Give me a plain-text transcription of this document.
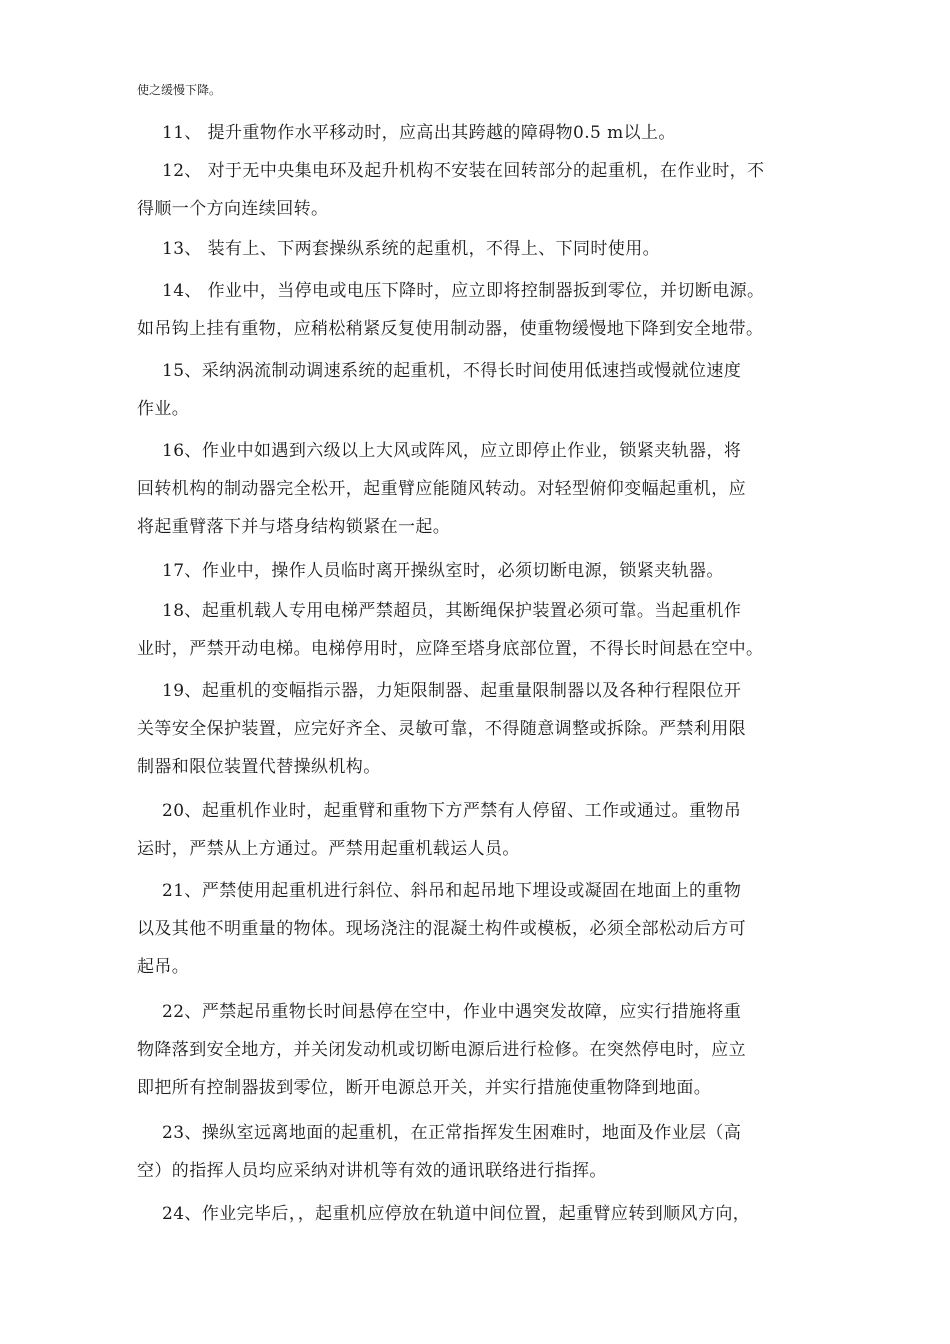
使之缓慢下降。
11、 提升重物作水平移动时，应高出其跨越的障碍物0.5 m以上。
12、 对于无中央集电环及起升机构不安装在回转部分的起重机，在作业时，不
得顺一个方向连续回转。
13、 装有上、下两套操纵系统的起重机，不得上、下同时使用。
14、 作业中，当停电或电压下降时，应立即将控制器扳到零位，并切断电源。
如吊钩上挂有重物，应稍松稍紧反复使用制动器，使重物缓慢地下降到安全地带。
15、采纳涡流制动调速系统的起重机，不得长时间使用低速挡或慢就位速度
作业。
16、作业中如遇到六级以上大风或阵风，应立即停止作业，锁紧夹轨器，将
回转机构的制动器完全松开，起重臂应能随风转动。对轻型俯仰变幅起重机，应
将起重臂落下并与塔身结构锁紧在一起。
17、作业中，操作人员临时离开操纵室时，必须切断电源，锁紧夹轨器。
18、起重机载人专用电梯严禁超员，其断绳保护装置必须可靠。当起重机作
业时，严禁开动电梯。电梯停用时，应降至塔身底部位置，不得长时间悬在空中。
19、起重机的变幅指示器，力矩限制器、起重量限制器以及各种行程限位开
关等安全保护装置，应完好齐全、灵敏可靠，不得随意调整或拆除。严禁利用限
制器和限位装置代替操纵机构。
20、起重机作业时，起重臂和重物下方严禁有人停留、工作或通过。重物吊
运时，严禁从上方通过。严禁用起重机载运人员。
21、严禁使用起重机进行斜位、斜吊和起吊地下埋设或凝固在地面上的重物
以及其他不明重量的物体。现场浇注的混凝土构件或模板，必须全部松动后方可
起吊。
22、严禁起吊重物长时间悬停在空中，作业中遇突发故障，应实行措施将重
物降落到安全地方，并关闭发动机或切断电源后进行检修。在突然停电时，应立
即把所有控制器拔到零位，断开电源总开关，并实行措施使重物降到地面。
23、操纵室远离地面的起重机，在正常指挥发生困难时，地面及作业层（高
空）的指挥人员均应采纳对讲机等有效的通讯联络进行指挥。
24、作业完毕后，，起重机应停放在轨道中间位置，起重臂应转到顺风方向，
